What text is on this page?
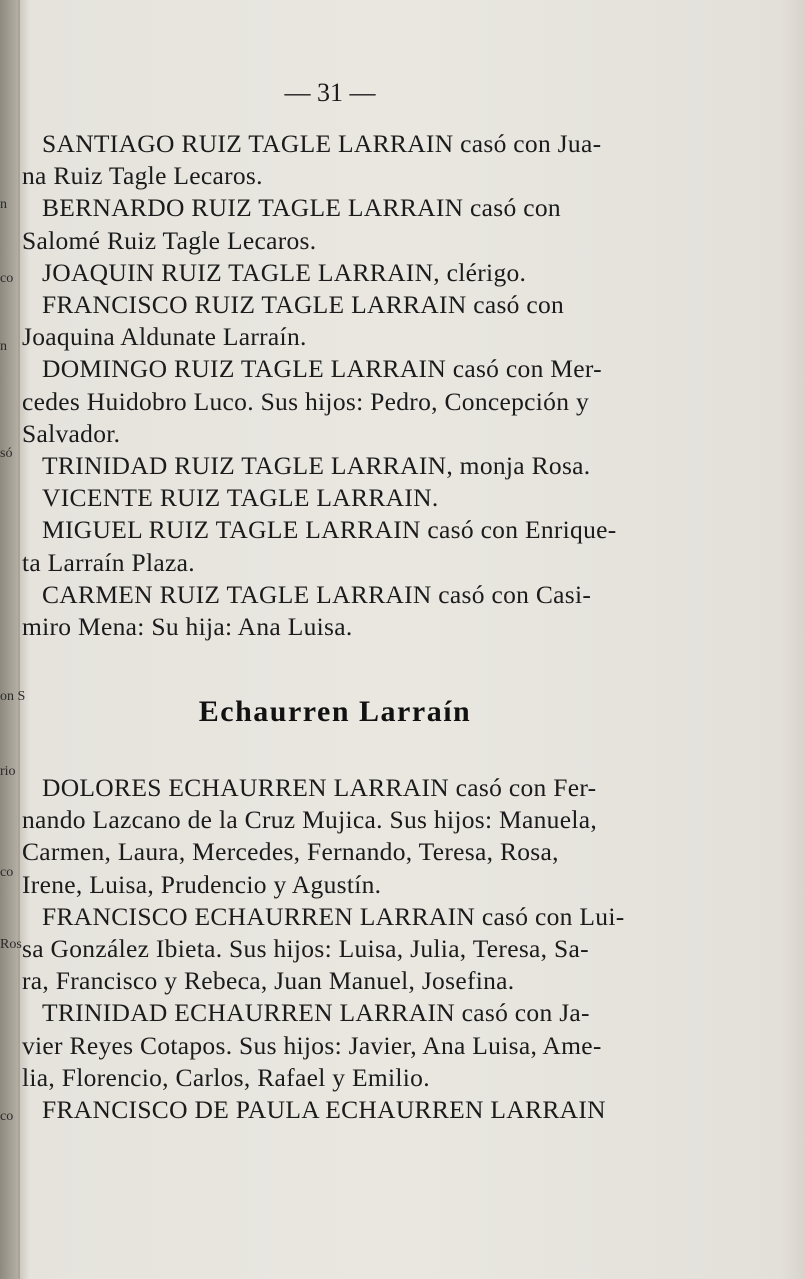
n
co
n
só
on S
rio
co
Ros
co
— 31 —

SANTIAGO RUIZ TAGLE LARRAIN casó con Jua-
na Ruiz Tagle Lecaros.

BERNARDO RUIZ TAGLE LARRAIN casó con
Salomé Ruiz Tagle Lecaros.

JOAQUIN RUIZ TAGLE LARRAIN, clérigo.

FRANCISCO RUIZ TAGLE LARRAIN casó con
Joaquina Aldunate Larraín.

DOMINGO RUIZ TAGLE LARRAIN casó con Mer-
cedes Huidobro Luco. Sus hijos: Pedro, Concepción y
Salvador.

TRINIDAD RUIZ TAGLE LARRAIN, monja Rosa.

VICENTE RUIZ TAGLE LARRAIN.

MIGUEL RUIZ TAGLE LARRAIN casó con Enrique-
ta Larraín Plaza.

CARMEN RUIZ TAGLE LARRAIN casó con Casi-
miro Mena: Su hija: Ana Luisa.

Echaurren Larraín

DOLORES ECHAURREN LARRAIN casó con Fer-
nando Lazcano de la Cruz Mujica. Sus hijos: Manuela,
Carmen, Laura, Mercedes, Fernando, Teresa, Rosa,
Irene, Luisa, Prudencio y Agustín.

FRANCISCO ECHAURREN LARRAIN casó con Lui-
sa González Ibieta. Sus hijos: Luisa, Julia, Teresa, Sa-
ra, Francisco y Rebeca, Juan Manuel, Josefina.

TRINIDAD ECHAURREN LARRAIN casó con Ja-
vier Reyes Cotapos. Sus hijos: Javier, Ana Luisa, Ame-
lia, Florencio, Carlos, Rafael y Emilio.

FRANCISCO DE PAULA ECHAURREN LARRAIN
